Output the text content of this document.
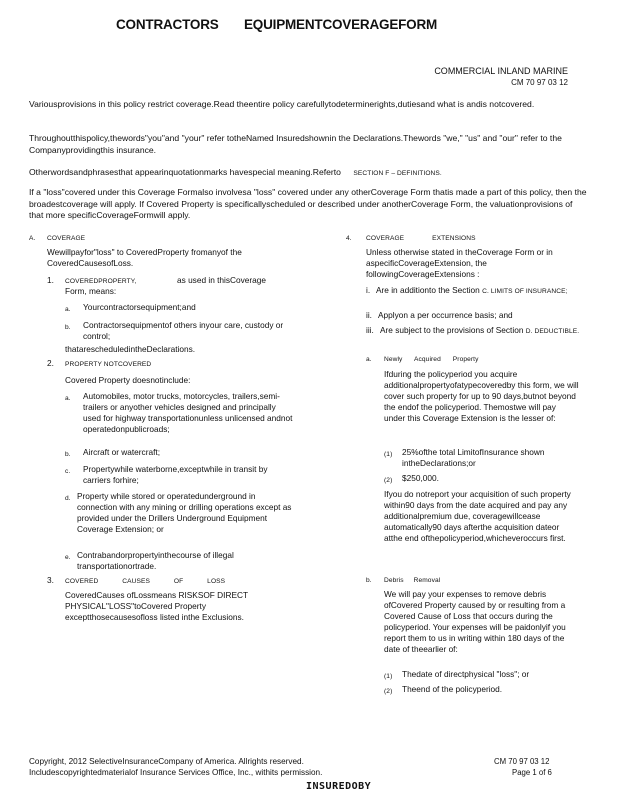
CONTRACTORS EQUIPMENTCOVERAGEFORM
COMMERCIAL INLAND MARINE
CM 70 97 03 12
Variousprovisions in this policy restrict coverage.Read theentire policy carefullytodeterminerights,dutiesand what is andis notcovered.
Throughoutthispolicy,thewords"you"and "your" refer totheNamed Insuredshownin the Declarations.Thewords "we," "us" and "our" refer to the Companyprovidingthis insurance.
Otherwordsandphrasesthat appearinquotationmarks havespecial meaning.Referto SECTION F – DEFINITIONS.
If a "loss"covered under this Coverage Formalso involvesa "loss" covered under any otherCoverage Form thatis made a part of this policy, then the broadestcoverage will apply. If Covered Property is specificallyscheduled or described under anotherCoverage Form, the valuationprovisions of that more specificCoverageFormwill apply.
A. COVERAGE
Wewillpayfor"loss" to CoveredProperty fromanyof the CoveredCausesofLoss.
1. COVEREDPROPERTY,	as used in thisCoverage
Form, means:
a. Yourcontractorsequipment;and
b. Contractorsequipmentof others inyour care, custody or control;
thatarescheduledintheDeclarations.
2. PROPERTY NOTCOVERED
Covered Property doesnotinclude:
a. Automobiles, motor trucks, motorcycles, trailers,semi-trailers or anyother vehicles designed and principally used for highway transportationunless unlicensed andnot operatedonpublicroads;
b. Aircraft or watercraft;
c. Propertywhile waterborne,exceptwhile in transit by carriers forhire;
d. Property while stored or operatedunderground in connection with any mining or drilling operations except as provided under the Drillers Underground Equipment Coverage Extension; or
e. Contrabandorpropertyinthecourse of illegal transportationortrade.
3. COVERED CAUSES OF LOSS
CoveredCauses ofLossmeans RISKSOF DIRECT PHYSICAL"LOSS"toCovered Property exceptthosecausesofloss listed inthe Exclusions.
4. COVERAGE EXTENSIONS
Unless otherwise stated in theCoverage Form or in aspecificCoverageExtension, the followingCoverageExtensions :
i. Are in additionto the Section C. LIMITS OF INSURANCE;
ii. Applyon a per occurrence basis; and
iii. Are subject to the provisions of Section D. DEDUCTIBLE.
a. Newly Acquired Property
Ifduring the policyperiod you acquire additionalpropertyofatypecoveredby this form, we will cover such property for up to 90 days,butnot beyond the endof the policyperiod. Themostwe will pay under this Coverage Extension is the lesser of:
(1) 25%ofthe total LimitofInsurance shown intheDeclarations;or
(2) $250,000.
Ifyou do notreport your acquisition of such property within90 days from the date acquired and pay any additionalpremium due, coveragewillcease automatically90 days afterthe acquisition dateor atthe end ofthepolicyperiod,whicheveroccurs first.
b. Debris Removal
We will pay your expenses to remove debris ofCovered Property caused by or resulting from a Covered Cause of Loss that occurs during the policyperiod. Your expenses will be paidonlyif you report them to us in writing within 180 days of the date of theearlier of:
(1) Thedate of directphysical "loss"; or
(2) Theend of the policyperiod.
Copyright, 2012 SelectiveInsuranceCompany of America. Allrights reserved.
Includescopyrightedmaterialof Insurance Services Office, Inc., withits permission.
CM 70 97 03 12
Page 1 of 6
INSUREDOBY
